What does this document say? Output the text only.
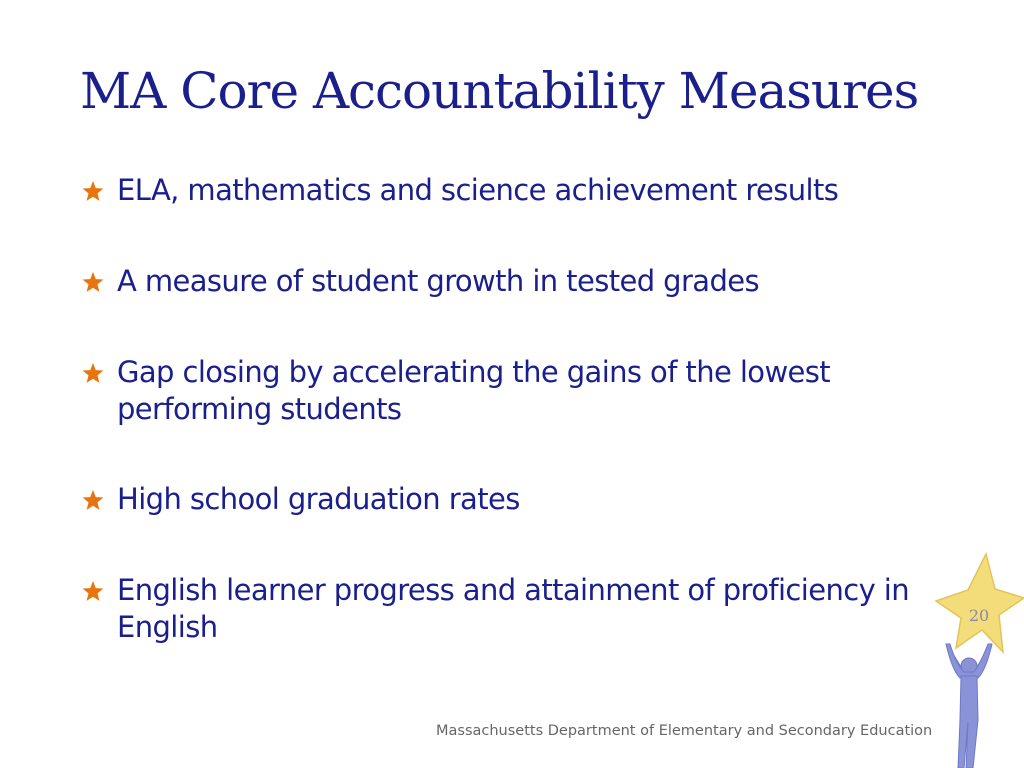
MA Core Accountability Measures
ELA, mathematics and science achievement results
A measure of student growth in tested grades
Gap closing by accelerating the gains of the lowest performing students
High school graduation rates
English learner progress and attainment of proficiency in English	20
Massachusetts Department of Elementary and Secondary Education
